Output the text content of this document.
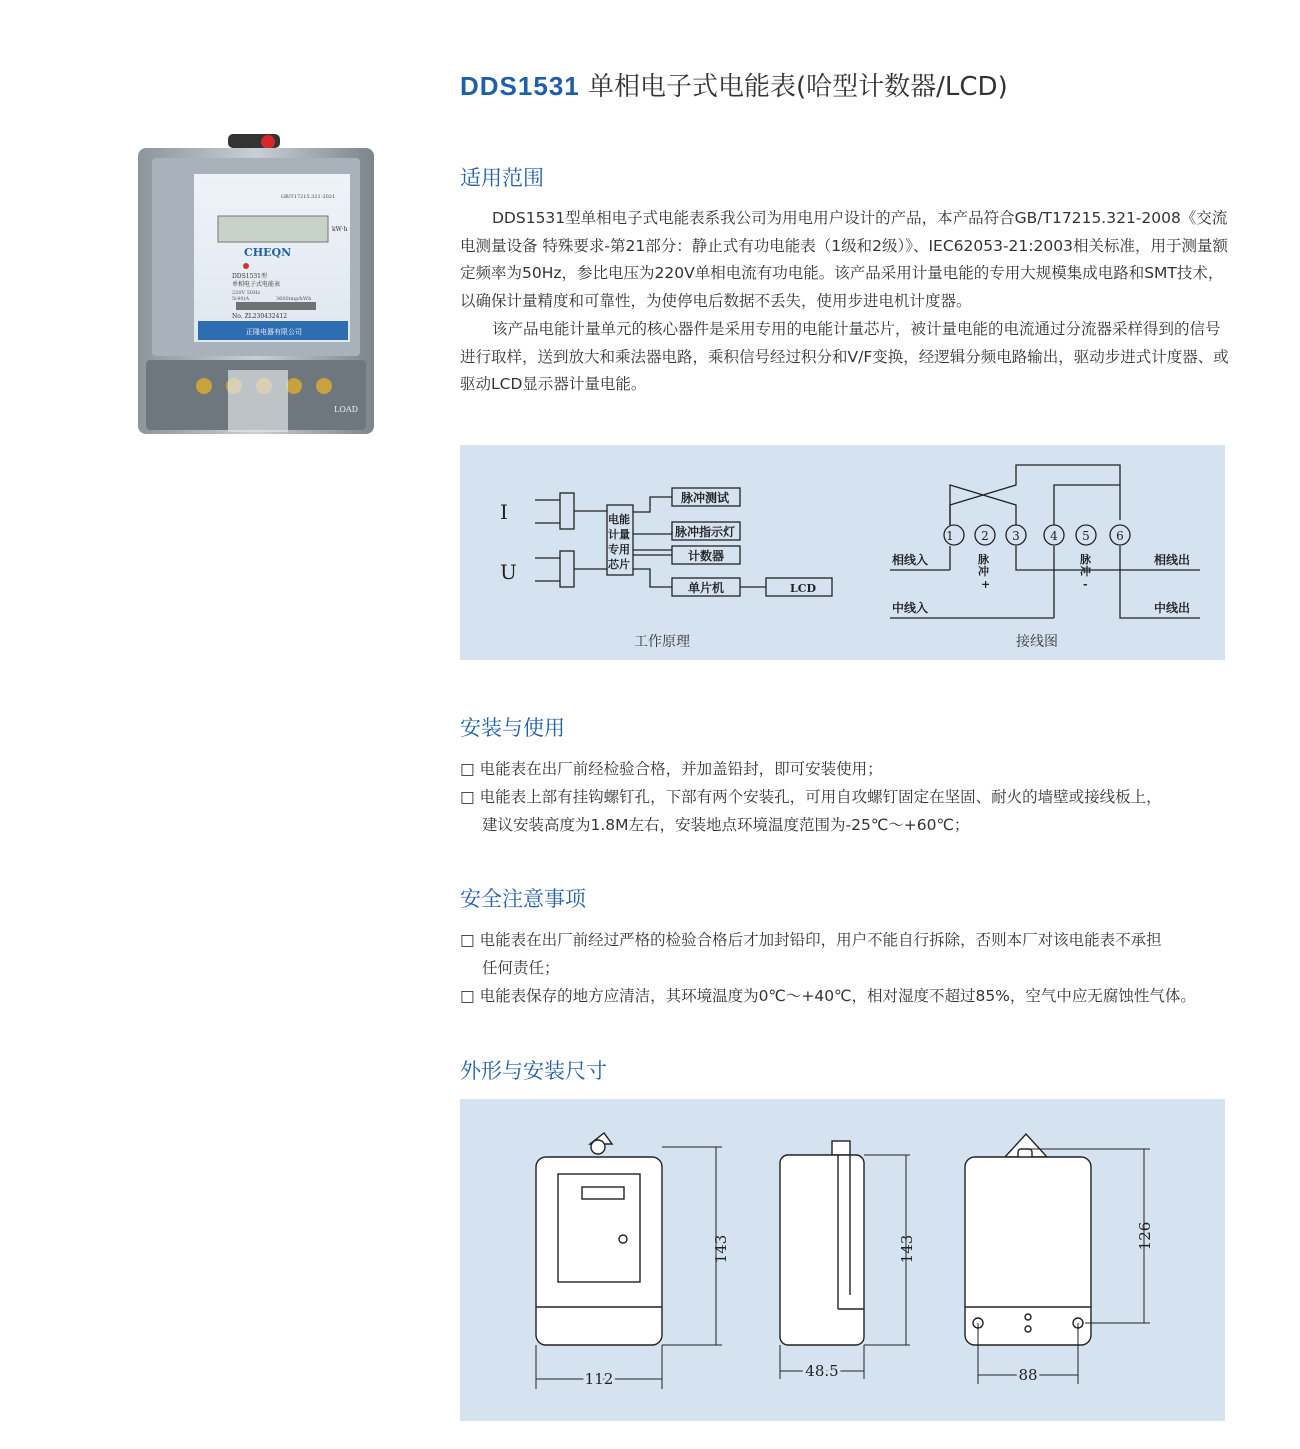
DDS1531 单相电子式电能表(哈型计数器/LCD)
GB/T17215.321-2021
kW·h
CHEQN
DDS1531型
单相电子式电能表
220V 50Hz
5(40)A	3600imp/kWh
No. ZL230432412
正隆电器有限公司
LOAD
适用范围

DDS1531型单相电子式电能表系我公司为用电用户设计的产品，本产品符合GB/T17215.321-2008《交流电测量设备 特殊要求-第21部分：静止式有功电能表（1级和2级）》、IEC62053-21:2003相关标准，用于测量额定频率为50Hz，参比电压为220V单相电流有功电能。该产品采用计量电能的专用大规模集成电路和SMT技术，以确保计量精度和可靠性，为使停电后数据不丢失，使用步进电机计度器。

该产品电能计量单元的核心器件是采用专用的电能计量芯片，被计量电能的电流通过分流器采样得到的信号进行取样，送到放大和乘法器电路，乘积信号经过积分和V/F变换，经逻辑分频电路输出，驱动步进式计度器、或驱动LCD显示器计量电能。

I
U
电能
计量
专用
芯片
脉冲测试
脉冲指示灯
计数器
单片机	LCD
1 2 3	4 5 6
相线入	相线出
中线入	中线出
脉
冲
+
脉
冲
-
工作原理	接线图
安装与使用
□ 电能表在出厂前经检验合格，并加盖铅封，即可安装使用；
□ 电能表上部有挂钩螺钉孔，下部有两个安装孔，可用自攻螺钉固定在坚固、耐火的墙壁或接线板上，
建议安装高度为1.8M左右，安装地点环境温度范围为-25℃～+60℃；
安全注意事项
□ 电能表在出厂前经过严格的检验合格后才加封铅印，用户不能自行拆除，否则本厂对该电能表不承担
任何责任；
□ 电能表保存的地方应清洁，其环境温度为0℃～+40℃，相对湿度不超过85%，空气中应无腐蚀性气体。
外形与安装尺寸
143
112
143
48.5
126
88
